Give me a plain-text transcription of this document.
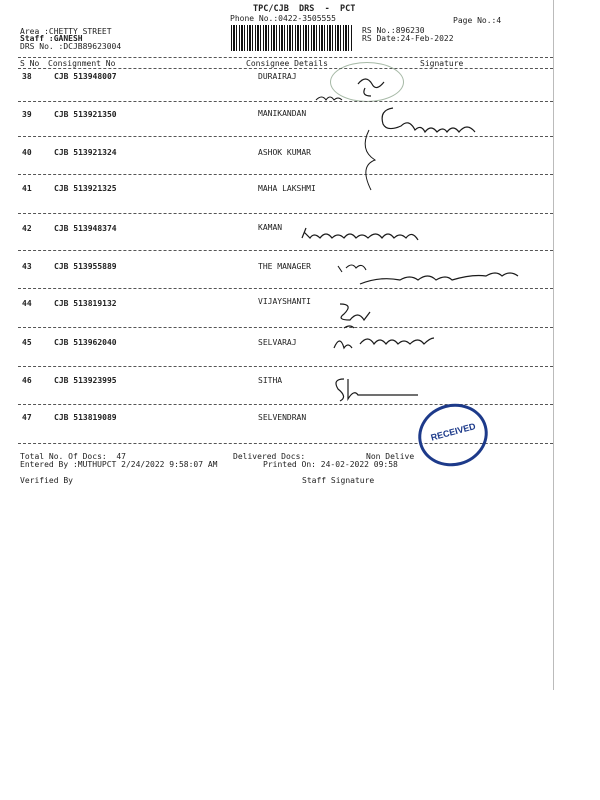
TPC/CJB  DRS  -  PCT
Phone No.:0422-3505555	Page No.:4
RS No.:896230
RS Date:24-Feb-2022
Area :CHETTY STREET
Staff :GANESH
DRS No. :DCJB89623004
S No Consignment No	Consignee Details	Signature
38	CJB 513948007	DURAIRAJ
39	CJB 513921350	MANIKANDAN
40	CJB 513921324	ASHOK KUMAR
41	CJB 513921325	MAHA LAKSHMI
42	CJB 513948374	KAMAN
43	CJB 513955889	THE MANAGER
44	CJB 513819132	VIJAYSHANTI
45	CJB 513962040	SELVARAJ
46	CJB 513923995	SITHA
47	CJB 513819089	SELVENDRAN
RECEIVED
Total No. Of Docs:  47	Delivered Docs:	Non Delive
Entered By :MUTHUPCT 2/24/2022 9:58:07 AM	Printed On: 24-02-2022 09:58
Verified By	Staff Signature
